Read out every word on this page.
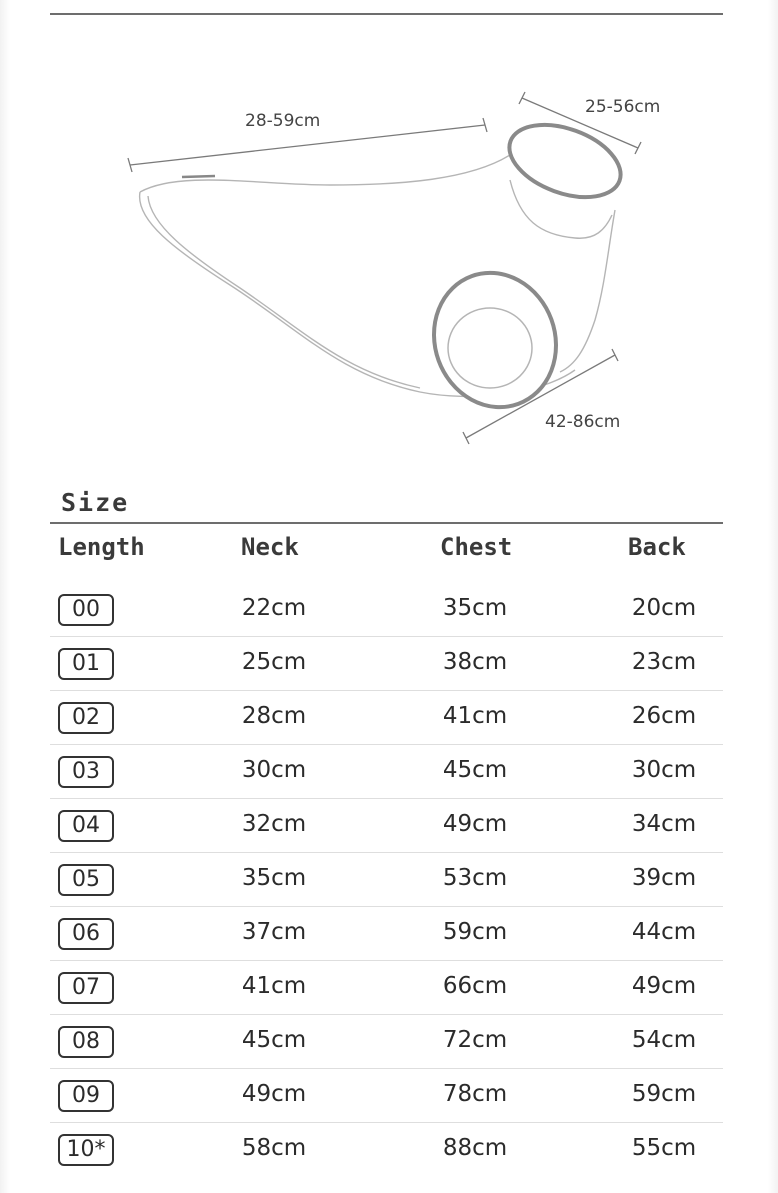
28-59cm
25-56cm
42-86cm
Size
Length	Neck	Chest	Back
00	22cm	35cm	20cm
01	25cm	38cm	23cm
02	28cm	41cm	26cm
03	30cm	45cm	30cm
04	32cm	49cm	34cm
05	35cm	53cm	39cm
06	37cm	59cm	44cm
07	41cm	66cm	49cm
08	45cm	72cm	54cm
09	49cm	78cm	59cm
10*	58cm	88cm	55cm
